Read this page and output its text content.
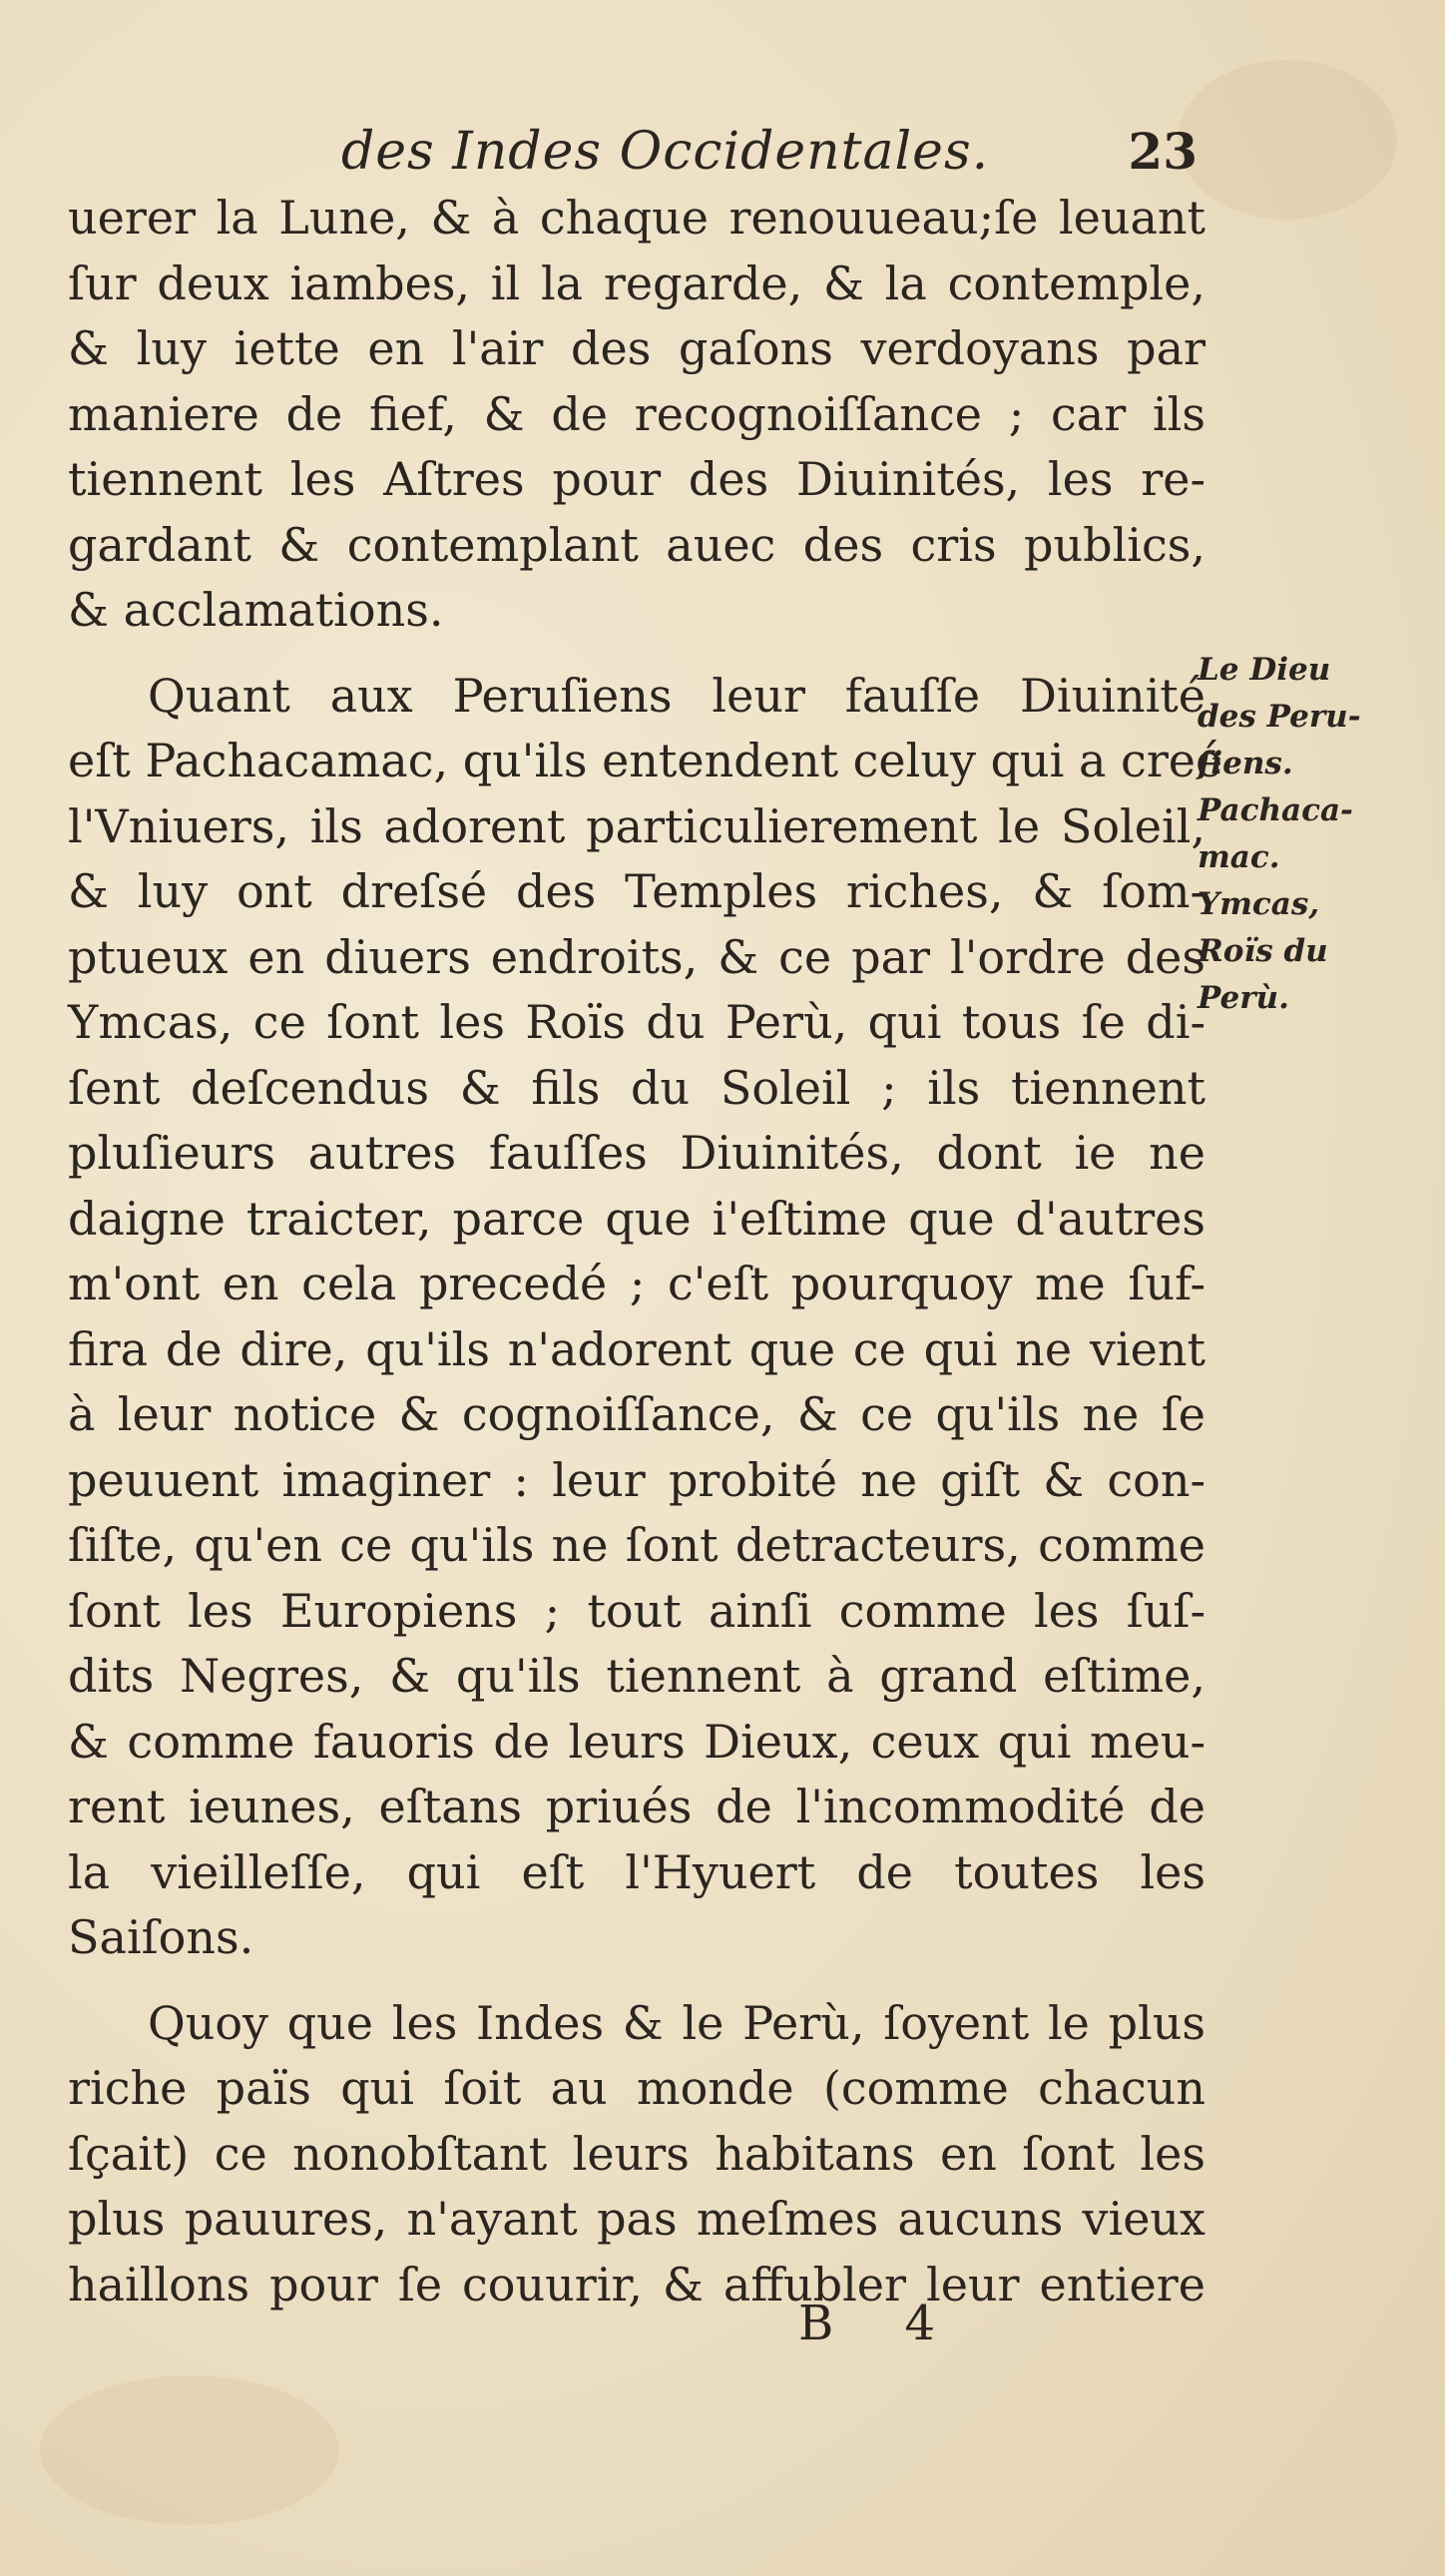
des Indes Occidentales.	23
uerer la Lune, & à chaque renouueau;ſe leuant
ſur deux iambes, il la regarde, & la contemple,
& luy iette en l'air des gaſons verdoyans par
maniere de fief, & de recognoiſſance ; car ils
tiennent les Aſtres pour des Diuinités, les re-
gardant & contemplant auec des cris publics,
& acclamations.
Quant aux Peruſiens leur fauſſe Diuinité
eſt Pachacamac, qu'ils entendent celuy qui a creé
l'Vniuers, ils adorent particulierement le Soleil,
& luy ont dreſsé des Temples riches, & ſom-
ptueux en diuers endroits, & ce par l'ordre des
Ymcas, ce ſont les Roïs du Perù, qui tous ſe di-
ſent deſcendus & fils du Soleil ; ils tiennent
pluſieurs autres fauſſes Diuinités, dont ie ne
daigne traicter, parce que i'eſtime que d'autres
m'ont en cela precedé ; c'eſt pourquoy me ſuf-
fira de dire, qu'ils n'adorent que ce qui ne vient
à leur notice & cognoiſſance, & ce qu'ils ne ſe
peuuent imaginer : leur probité ne giſt & con-
ſiſte, qu'en ce qu'ils ne ſont detracteurs, comme
ſont les Europiens ; tout ainſi comme les ſuſ-
dits Negres, & qu'ils tiennent à grand eſtime,
& comme fauoris de leurs Dieux, ceux qui meu-
rent ieunes, eſtans priués de l'incommodité de
la vieilleſſe, qui eſt l'Hyuert de toutes les
Saiſons.
Quoy que les Indes & le Perù, ſoyent le plus
riche païs qui ſoit au monde (comme chacun
ſçait) ce nonobſtant leurs habitans en ſont les
plus pauures, n'ayant pas meſmes aucuns vieux
haillons pour ſe couurir, & affubler leur entiere
Le Dieu
des Peru-
ſiens.
Pachaca-
mac.
Ymcas,
Roïs du
Perù.
B 4
